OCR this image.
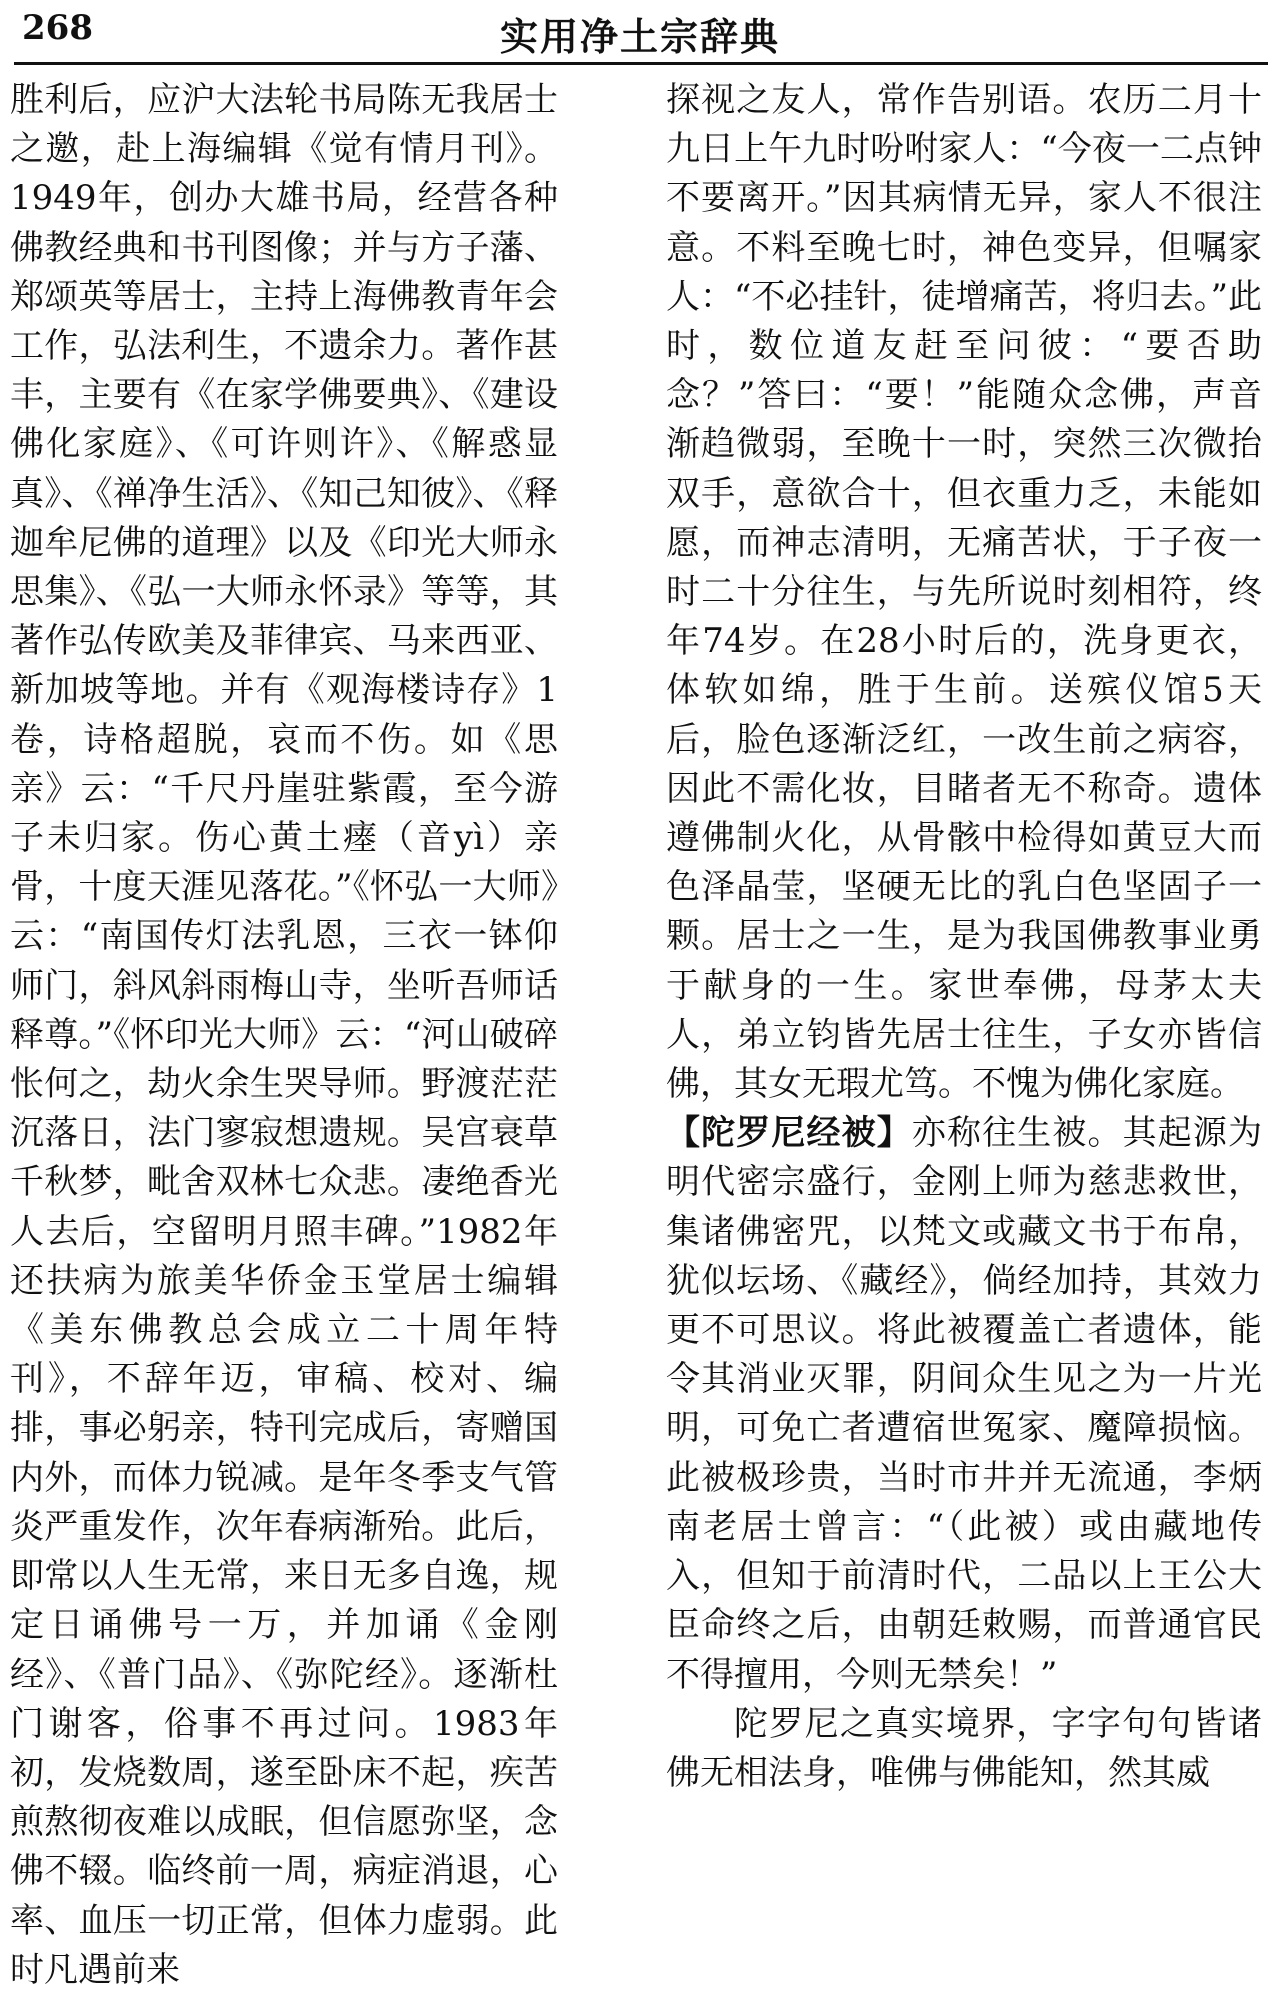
268	实用净土宗辞典

胜利后，应沪大法轮书局陈无我居士之邀，赴上海编辑《觉有情月刊》。1949年，创办大雄书局，经营各种佛教经典和书刊图像；并与方子藩、郑颂英等居士，主持上海佛教青年会工作，弘法利生，不遗余力。著作甚丰，主要有《在家学佛要典》、《建设佛化家庭》、《可许则许》、《解惑显真》、《禅净生活》、《知己知彼》、《释迦牟尼佛的道理》以及《印光大师永思集》、《弘一大师永怀录》等等，其著作弘传欧美及菲律宾、马来西亚、新加坡等地。并有《观海楼诗存》1卷，诗格超脱，哀而不伤。如《思亲》云：“千尺丹崖驻紫霞，至今游子未归家。伤心黄土瘗（音yì）亲骨，十度天涯见落花。”《怀弘一大师》云：“南国传灯法乳恩，三衣一钵仰师门，斜风斜雨梅山寺，坐听吾师话释尊。”《怀印光大师》云：“河山破碎怅何之，劫火余生哭导师。野渡茫茫沉落日，法门寥寂想遗规。吴宫衰草千秋梦，毗舍双林七众悲。凄绝香光人去后，空留明月照丰碑。”1982年还扶病为旅美华侨金玉堂居士编辑《美东佛教总会成立二十周年特刊》，不辞年迈，审稿、校对、编排，事必躬亲，特刊完成后，寄赠国内外，而体力锐减。是年冬季支气管炎严重发作，次年春病渐殆。此后，即常以人生无常，来日无多自逸，规定日诵佛号一万，并加诵《金刚经》、《普门品》、《弥陀经》。逐渐杜门谢客，俗事不再过问。1983年初，发烧数周，遂至卧床不起，疾苦煎熬彻夜难以成眠，但信愿弥坚，念佛不辍。临终前一周，病症消退，心率、血压一切正常，但体力虚弱。此时凡遇前来

探视之友人，常作告别语。农历二月十九日上午九时吩咐家人：“今夜一二点钟不要离开。”因其病情无异，家人不很注意。不料至晚七时，神色变异，但嘱家人：“不必挂针，徒增痛苦，将归去。”此时，数位道友赶至问彼：“要否助念？”答曰：“要！”能随众念佛，声音渐趋微弱，至晚十一时，突然三次微抬双手，意欲合十，但衣重力乏，未能如愿，而神志清明，无痛苦状，于子夜一时二十分往生，与先所说时刻相符，终年74岁。在28小时后的，洗身更衣，体软如绵，胜于生前。送殡仪馆5天后，脸色逐渐泛红，一改生前之病容，因此不需化妆，目睹者无不称奇。遗体遵佛制火化，从骨骸中检得如黄豆大而色泽晶莹，坚硬无比的乳白色坚固子一颗。居士之一生，是为我国佛教事业勇于献身的一生。家世奉佛，母茅太夫人，弟立钧皆先居士往生，子女亦皆信佛，其女无瑕尤笃。不愧为佛化家庭。

【陀罗尼经被】亦称往生被。其起源为明代密宗盛行，金刚上师为慈悲救世，集诸佛密咒，以梵文或藏文书于布帛，犹似坛场、《藏经》，倘经加持，其效力更不可思议。将此被覆盖亡者遗体，能令其消业灭罪，阴间众生见之为一片光明，可免亡者遭宿世冤家、魔障损恼。此被极珍贵，当时市井并无流通，李炳南老居士曾言：“（此被）或由藏地传入，但知于前清时代，二品以上王公大臣命终之后，由朝廷敕赐，而普通官民不得擅用，今则无禁矣！”

陀罗尼之真实境界，字字句句皆诸佛无相法身，唯佛与佛能知，然其威
